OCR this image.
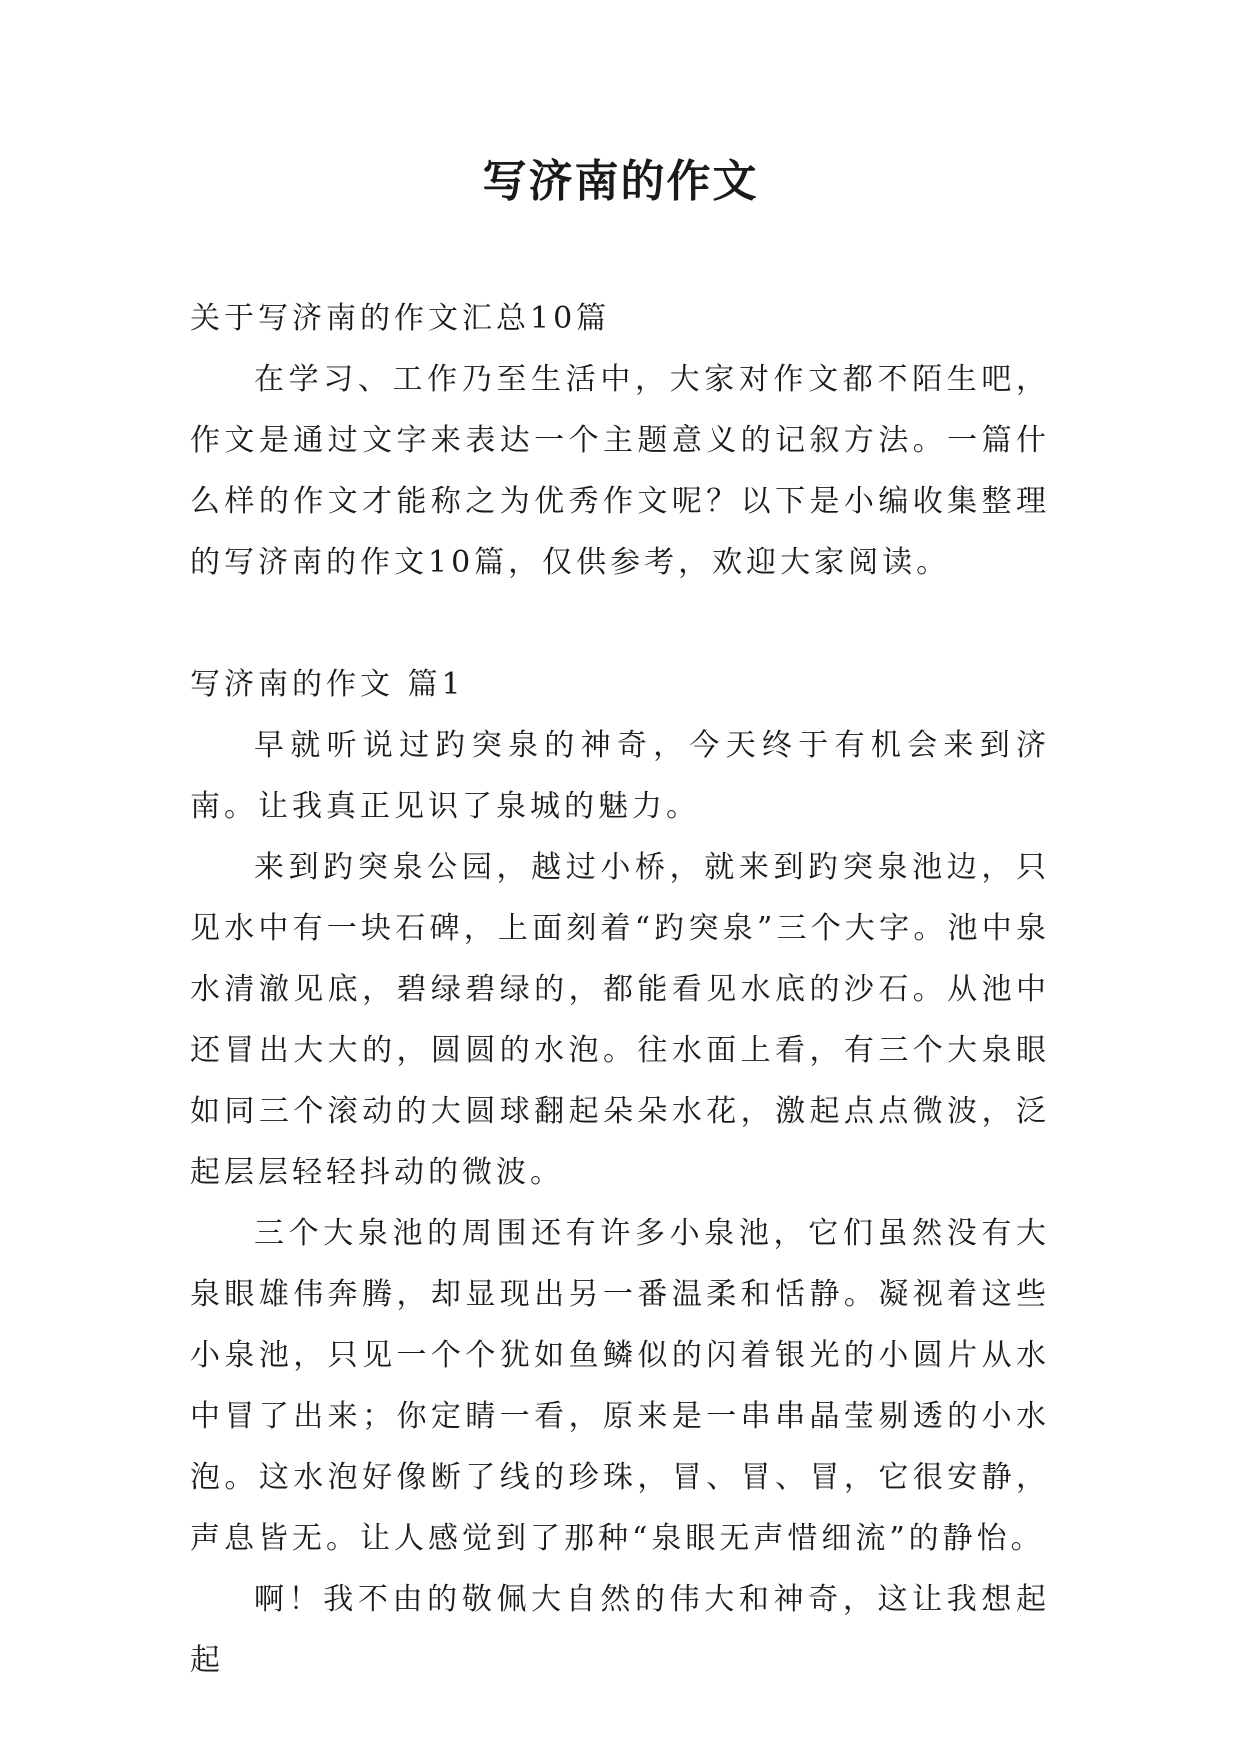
写济南的作文

关于写济南的作文汇总10篇

在学习、工作乃至生活中，大家对作文都不陌生吧，作文是通过文字来表达一个主题意义的记叙方法。一篇什么样的作文才能称之为优秀作文呢？以下是小编收集整理的写济南的作文10篇，仅供参考，欢迎大家阅读。

写济南的作文 篇1

早就听说过趵突泉的神奇，今天终于有机会来到济南。让我真正见识了泉城的魅力。

来到趵突泉公园，越过小桥，就来到趵突泉池边，只见水中有一块石碑，上面刻着“趵突泉”三个大字。池中泉水清澈见底，碧绿碧绿的，都能看见水底的沙石。从池中还冒出大大的，圆圆的水泡。往水面上看，有三个大泉眼如同三个滚动的大圆球翻起朵朵水花，激起点点微波，泛起层层轻轻抖动的微波。

三个大泉池的周围还有许多小泉池，它们虽然没有大泉眼雄伟奔腾，却显现出另一番温柔和恬静。凝视着这些小泉池，只见一个个犹如鱼鳞似的闪着银光的小圆片从水中冒了出来；你定睛一看，原来是一串串晶莹剔透的小水泡。这水泡好像断了线的珍珠，冒、冒、冒，它很安静，声息皆无。让人感觉到了那种“泉眼无声惜细流”的静怡。

啊！我不由的敬佩大自然的伟大和神奇，这让我想起起
